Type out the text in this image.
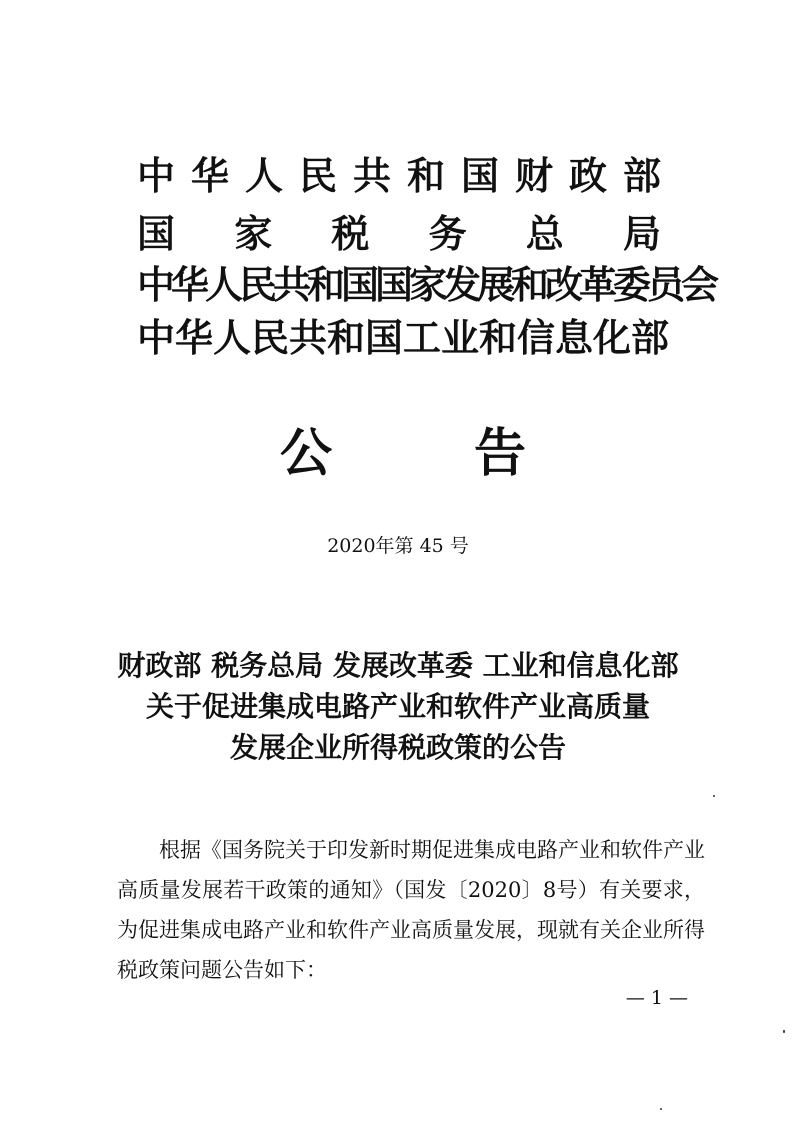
中华人民共和国财政部
国家税务总局
中华人民共和国国家发展和改革委员会
中华人民共和国工业和信息化部
公告
2020年第 45 号
财政部 税务总局 发展改革委 工业和信息化部
关于促进集成电路产业和软件产业高质量
发展企业所得税政策的公告

根据《国务院关于印发新时期促进集成电路产业和软件产业高质量发展若干政策的通知》（国发〔2020〕8号）有关要求，为促进集成电路产业和软件产业高质量发展，现就有关企业所得税政策问题公告如下：

— 1 —
